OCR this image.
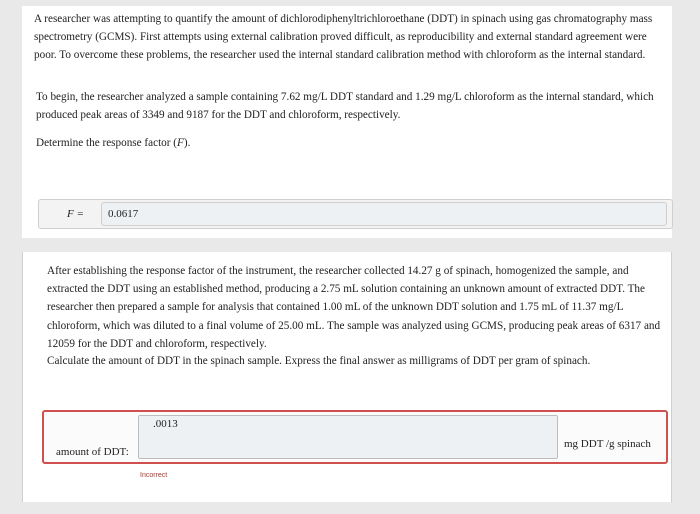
A researcher was attempting to quantify the amount of dichlorodiphenyltrichloroethane (DDT) in spinach using gas chromatography mass spectrometry (GCMS). First attempts using external calibration proved difficult, as reproducibility and external standard agreement were poor. To overcome these problems, the researcher used the internal standard calibration method with chloroform as the internal standard.
To begin, the researcher analyzed a sample containing 7.62 mg/L DDT standard and 1.29 mg/L chloroform as the internal standard, which produced peak areas of 3349 and 9187 for the DDT and chloroform, respectively.
Determine the response factor (F).
F =	0.0617
After establishing the response factor of the instrument, the researcher collected 14.27 g of spinach, homogenized the sample, and extracted the DDT using an established method, producing a 2.75 mL solution containing an unknown amount of extracted DDT. The researcher then prepared a sample for analysis that contained 1.00 mL of the unknown DDT solution and 1.75 mL of 11.37 mg/L chloroform, which was diluted to a final volume of 25.00 mL. The sample was analyzed using GCMS, producing peak areas of 6317 and 12059 for the DDT and chloroform, respectively.
Calculate the amount of DDT in the spinach sample. Express the final answer as milligrams of DDT per gram of spinach.
amount of DDT:
.0013
mg DDT /g spinach
Incorrect
